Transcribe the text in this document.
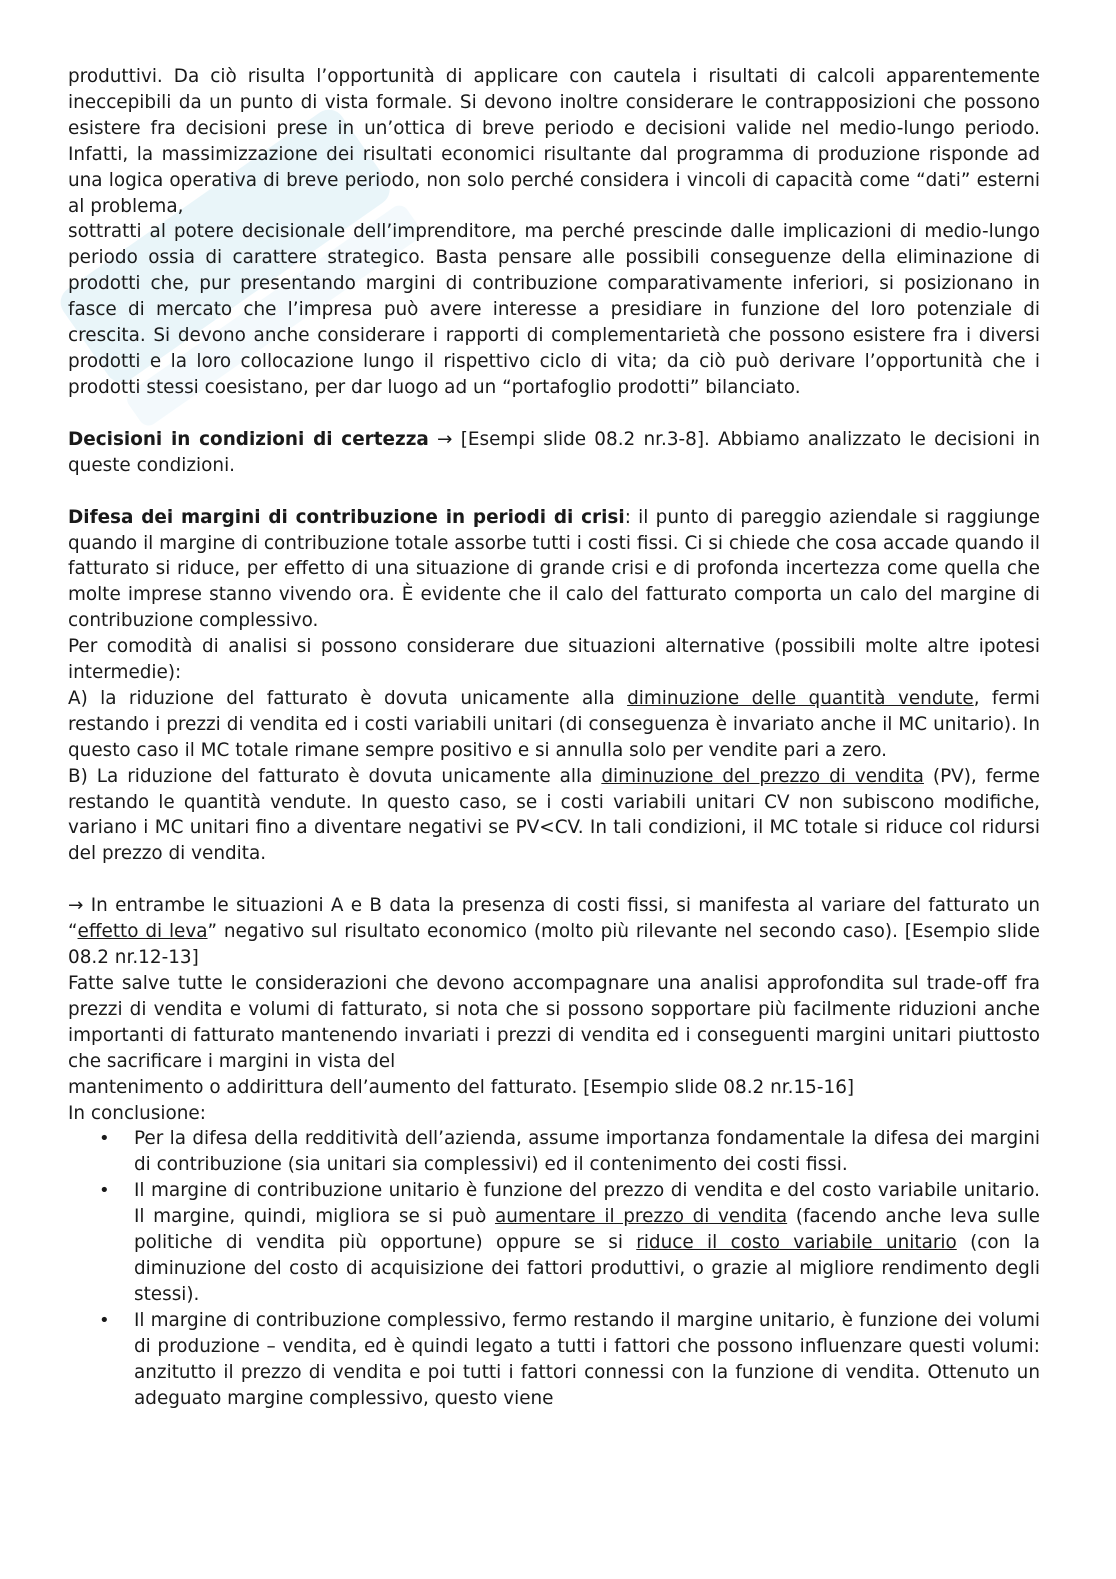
produttivi. Da ciò risulta l’opportunità di applicare con cautela i risultati di calcoli apparentemente ineccepibili da un punto di vista formale. Si devono inoltre considerare le contrapposizioni che possono esistere fra decisioni prese in un’ottica di breve periodo e decisioni valide nel medio-lungo periodo. Infatti, la massimizzazione dei risultati economici risultante dal programma di produzione risponde ad una logica operativa di breve periodo, non solo perché considera i vincoli di capacità come “dati” esterni al problema,

sottratti al potere decisionale dell’imprenditore, ma perché prescinde dalle implicazioni di medio-lungo periodo ossia di carattere strategico. Basta pensare alle possibili conseguenze della eliminazione di prodotti che, pur presentando margini di contribuzione comparativamente inferiori, si posizionano in fasce di mercato che l’impresa può avere interesse a presidiare in funzione del loro potenziale di crescita. Si devono anche considerare i rapporti di complementarietà che possono esistere fra i diversi prodotti e la loro collocazione lungo il rispettivo ciclo di vita; da ciò può derivare l’opportunità che i prodotti stessi coesistano, per dar luogo ad un “portafoglio prodotti” bilanciato.

Decisioni in condizioni di certezza → [Esempi slide 08.2 nr.3-8]. Abbiamo analizzato le decisioni in queste condizioni.

Difesa dei margini di contribuzione in periodi di crisi: il punto di pareggio aziendale si raggiunge quando il margine di contribuzione totale assorbe tutti i costi fissi. Ci si chiede che cosa accade quando il fatturato si riduce, per effetto di una situazione di grande crisi e di profonda incertezza come quella che molte imprese stanno vivendo ora. È evidente che il calo del fatturato comporta un calo del margine di contribuzione complessivo.

Per comodità di analisi si possono considerare due situazioni alternative (possibili molte altre ipotesi intermedie):

A) la riduzione del fatturato è dovuta unicamente alla diminuzione delle quantità vendute, fermi restando i prezzi di vendita ed i costi variabili unitari (di conseguenza è invariato anche il MC unitario). In questo caso il MC totale rimane sempre positivo e si annulla solo per vendite pari a zero.

B) La riduzione del fatturato è dovuta unicamente alla diminuzione del prezzo di vendita (PV), ferme restando le quantità vendute. In questo caso, se i costi variabili unitari CV non subiscono modifiche, variano i MC unitari fino a diventare negativi se PV<CV. In tali condizioni, il MC totale si riduce col ridursi del prezzo di vendita.

→ In entrambe le situazioni A e B data la presenza di costi fissi, si manifesta al variare del fatturato un “effetto di leva” negativo sul risultato economico (molto più rilevante nel secondo caso). [Esempio slide 08.2 nr.12-13]

Fatte salve tutte le considerazioni che devono accompagnare una analisi approfondita sul trade-off fra prezzi di vendita e volumi di fatturato, si nota che si possono sopportare più facilmente riduzioni anche importanti di fatturato mantenendo invariati i prezzi di vendita ed i conseguenti margini unitari piuttosto che sacrificare i margini in vista del

mantenimento o addirittura dell’aumento del fatturato. [Esempio slide 08.2 nr.15-16]

In conclusione:

• Per la difesa della redditività dell’azienda, assume importanza fondamentale la difesa dei margini di contribuzione (sia unitari sia complessivi) ed il contenimento dei costi fissi.
• Il margine di contribuzione unitario è funzione del prezzo di vendita e del costo variabile unitario. Il margine, quindi, migliora se si può aumentare il prezzo di vendita (facendo anche leva sulle politiche di vendita più opportune) oppure se si riduce il costo variabile unitario (con la diminuzione del costo di acquisizione dei fattori produttivi, o grazie al migliore rendimento degli stessi).
• Il margine di contribuzione complessivo, fermo restando il margine unitario, è funzione dei volumi di produzione – vendita, ed è quindi legato a tutti i fattori che possono influenzare questi volumi: anzitutto il prezzo di vendita e poi tutti i fattori connessi con la funzione di vendita. Ottenuto un adeguato margine complessivo, questo viene
